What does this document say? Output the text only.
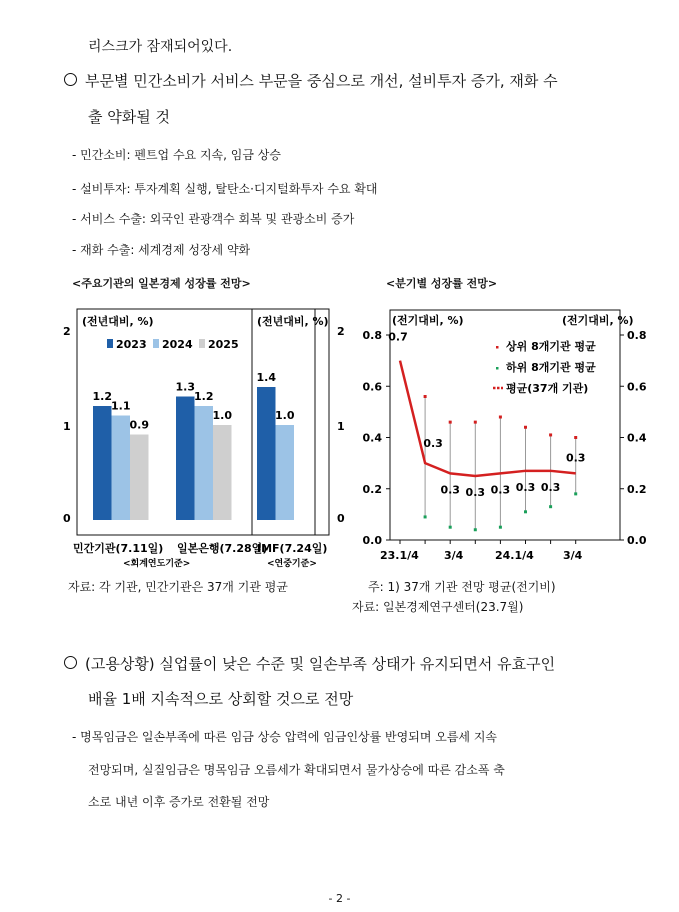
리스크가 잠재되어있다.
부문별 민간소비가 서비스 부문을 중심으로 개선, 설비투자 증가, 재화 수
출 약화될 것
- 민간소비: 펜트업 수요 지속, 임금 상승
- 설비투자: 투자계획 실행, 탈탄소·디지털화투자 수요 확대
- 서비스 수출: 외국인 관광객수 회복 및 관광소비 증가
- 재화 수출: 세계경제 성장세 약화
<주요기관의 일본경제 성장률 전망>	<분기별 성장률 전망>
1.2
1.3
1.4
1.1
1.2
1.0
0.9
1.0
0
1
2
0
1
2
(전년대비, %)	(전년대비, %)
2023 2024 2025
민간기관(7.11일) 일본은행(7.28일)
IMF(7.24일)
<회계연도기준>	<연중기준>
0.7
0.3
0.3 0.3 0.3 0.3 0.3
0.3
0.0
0.2
0.4
0.6
0.8
0.0
0.2
0.4
0.6
0.8
(전기대비, %)	(전기대비, %)
상위 8개기관 평균
하위 8개기관 평균
평균(37개 기관)
23.1/4 3/4	24.1/4	3/4
자료: 각 기관, 민간기관은 37개 기관 평균	주: 1) 37개 기관 전망 평균(전기비)
자료: 일본경제연구센터(23.7월)
(고용상황) 실업률이 낮은 수준 및 일손부족 상태가 유지되면서 유효구인
배율 1배 지속적으로 상회할 것으로 전망
- 명목임금은 일손부족에 따른 임금 상승 압력에 임금인상률 반영되며 오름세 지속
전망되며, 실질임금은 명목임금 오름세가 확대되면서 물가상승에 따른 감소폭 축
소로 내년 이후 증가로 전환될 전망
- 2 -
